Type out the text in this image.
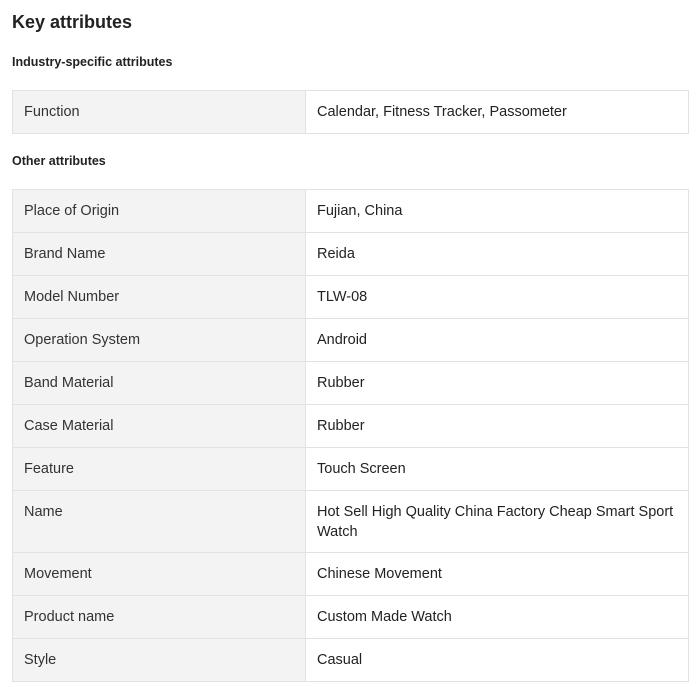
Key attributes
Industry-specific attributes
Function	Calendar, Fitness Tracker, Passometer
Other attributes
Place of Origin	Fujian, China
Brand Name	Reida
Model Number	TLW-08
Operation System	Android
Band Material	Rubber
Case Material	Rubber
Feature	Touch Screen
Name	Hot Sell High Quality China Factory Cheap Smart Sport Watch
Movement	Chinese Movement
Product name	Custom Made Watch
Style	Casual
